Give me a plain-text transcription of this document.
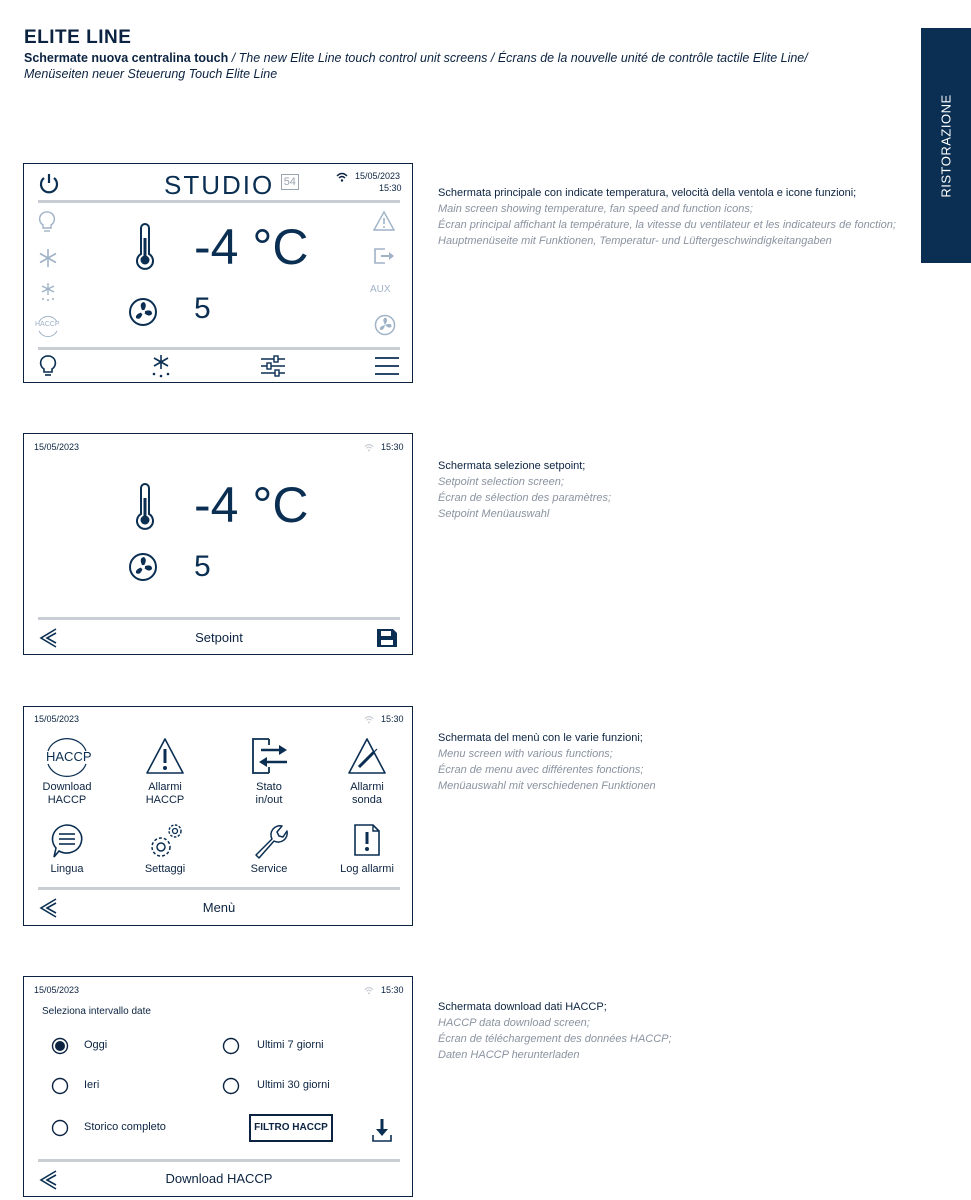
ELITE LINE
Schermate nuova centralina touch / The new Elite Line touch control unit screens / Écrans de la nouvelle unité de contrôle tactile Elite Line/
Menüseiten neuer Steuerung Touch Elite Line
RISTORAZIONE
STUDIO 54	15/05/2023
15:30
HACCP
-4 °C
5
AUX
Schermata principale con indicate temperatura, velocità della ventola e icone funzioni;
Main screen showing temperature, fan speed and function icons;
Écran principal affichant la température, la vitesse du ventilateur et les indicateurs de fonction;
Hauptmenüseite mit Funktionen, Temperatur- und Lüftergeschwindigkeitangaben
15/05/2023	15:30
-4 °C
5
Setpoint
Schermata selezione setpoint;
Setpoint selection screen;
Écran de sélection des paramètres;
Setpoint Menüauswahl
15/05/2023	15:30
HACCP
Download
HACCP
Allarmi
HACCP
Stato
in/out
Allarmi
sonda
Lingua	Settaggi	Service	Log allarmi
Menù
Schermata del menù con le varie funzioni;
Menu screen with various functions;
Écran de menu avec différentes fonctions;
Menüauswahl mit verschiedenen Funktionen
15/05/2023	15:30
Seleziona intervallo date
Oggi	Ultimi 7 giorni
Ieri	Ultimi 30 giorni
Storico completo	FILTRO HACCP
Download HACCP
Schermata download dati HACCP;
HACCP data download screen;
Écran de téléchargement des données HACCP;
Daten HACCP herunterladen
